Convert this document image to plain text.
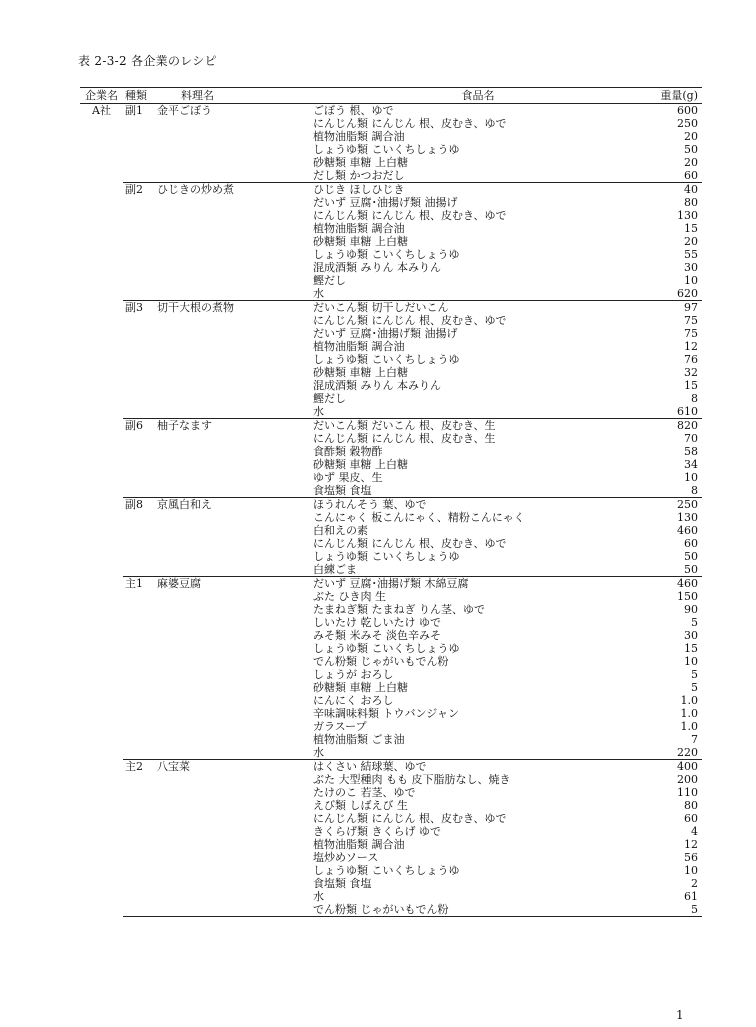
表 2-3-2 各企業のレシピ
企業名	種類	料理名	食品名	重量(g)
A社	副1	金平ごぼう	ごぼう 根、ゆで	600
			にんじん類 にんじん 根、皮むき、ゆで	250
			植物油脂類 調合油	20
			しょうゆ類 こいくちしょうゆ	50
			砂糖類 車糖 上白糖	20
			だし類 かつおだし	60
	副2	ひじきの炒め煮	ひじき ほしひじき	40
			だいず 豆腐･油揚げ類 油揚げ	80
			にんじん類 にんじん 根、皮むき、ゆで	130
			植物油脂類 調合油	15
			砂糖類 車糖 上白糖	20
			しょうゆ類 こいくちしょうゆ	55
			混成酒類 みりん 本みりん	30
			鰹だし	10
			水	620
	副3	切干大根の煮物	だいこん類 切干しだいこん	97
			にんじん類 にんじん 根、皮むき、ゆで	75
			だいず 豆腐･油揚げ類 油揚げ	75
			植物油脂類 調合油	12
			しょうゆ類 こいくちしょうゆ	76
			砂糖類 車糖 上白糖	32
			混成酒類 みりん 本みりん	15
			鰹だし	8
			水	610
	副6	柚子なます	だいこん類 だいこん 根、皮むき、生	820
			にんじん類 にんじん 根、皮むき、生	70
			食酢類 穀物酢	58
			砂糖類 車糖 上白糖	34
			ゆず 果皮、生	10
			食塩類 食塩	8
	副8	京風白和え	ほうれんそう 葉、ゆで	250
			こんにゃく 板こんにゃく、精粉こんにゃく	130
			白和えの素	460
			にんじん類 にんじん 根、皮むき、ゆで	60
			しょうゆ類 こいくちしょうゆ	50
			白練ごま	50
	主1	麻婆豆腐	だいず 豆腐･油揚げ類 木綿豆腐	460
			ぶた ひき肉 生	150
			たまねぎ類 たまねぎ りん茎、ゆで	90
			しいたけ 乾しいたけ ゆで	5
			みそ類 米みそ 淡色辛みそ	30
			しょうゆ類 こいくちしょうゆ	15
			でん粉類 じゃがいもでん粉	10
			しょうが おろし	5
			砂糖類 車糖 上白糖	5
			にんにく おろし	1.0
			辛味調味料類 トウバンジャン	1.0
			ガラスープ	1.0
			植物油脂類 ごま油	7
			水	220
	主2	八宝菜	はくさい 結球葉、ゆで	400
			ぶた 大型種肉 もも 皮下脂肪なし、焼き	200
			たけのこ 若茎、ゆで	110
			えび類 しばえび 生	80
			にんじん類 にんじん 根、皮むき、ゆで	60
			きくらげ類 きくらげ ゆで	4
			植物油脂類 調合油	12
			塩炒めソース	56
			しょうゆ類 こいくちしょうゆ	10
			食塩類 食塩	2
			水	61
			でん粉類 じゃがいもでん粉	5
1
